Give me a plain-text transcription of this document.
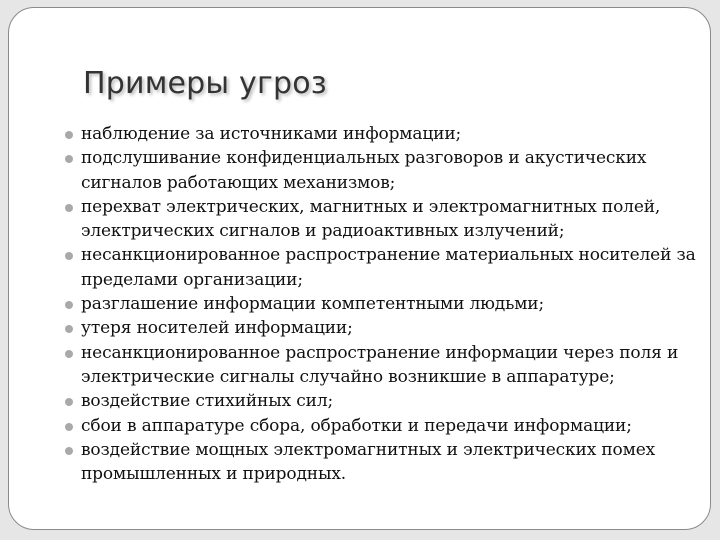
Примеры угроз
наблюдение за источниками информации;
подслушивание конфиденциальных разговоров и акустических сигналов работающих механизмов;
перехват электрических, магнитных и электромагнитных полей, электрических сигналов и радиоактивных излучений;
несанкционированное распространение материальных носителей за пределами организации;
разглашение информации компетентными людьми;
утеря носителей информации;
несанкционированное распространение информации через поля и электрические сигналы случайно возникшие в аппаратуре;
воздействие стихийных сил;
сбои в аппаратуре сбора, обработки и передачи информации;
воздействие мощных электромагнитных и электрических помех промышленных и природных.
